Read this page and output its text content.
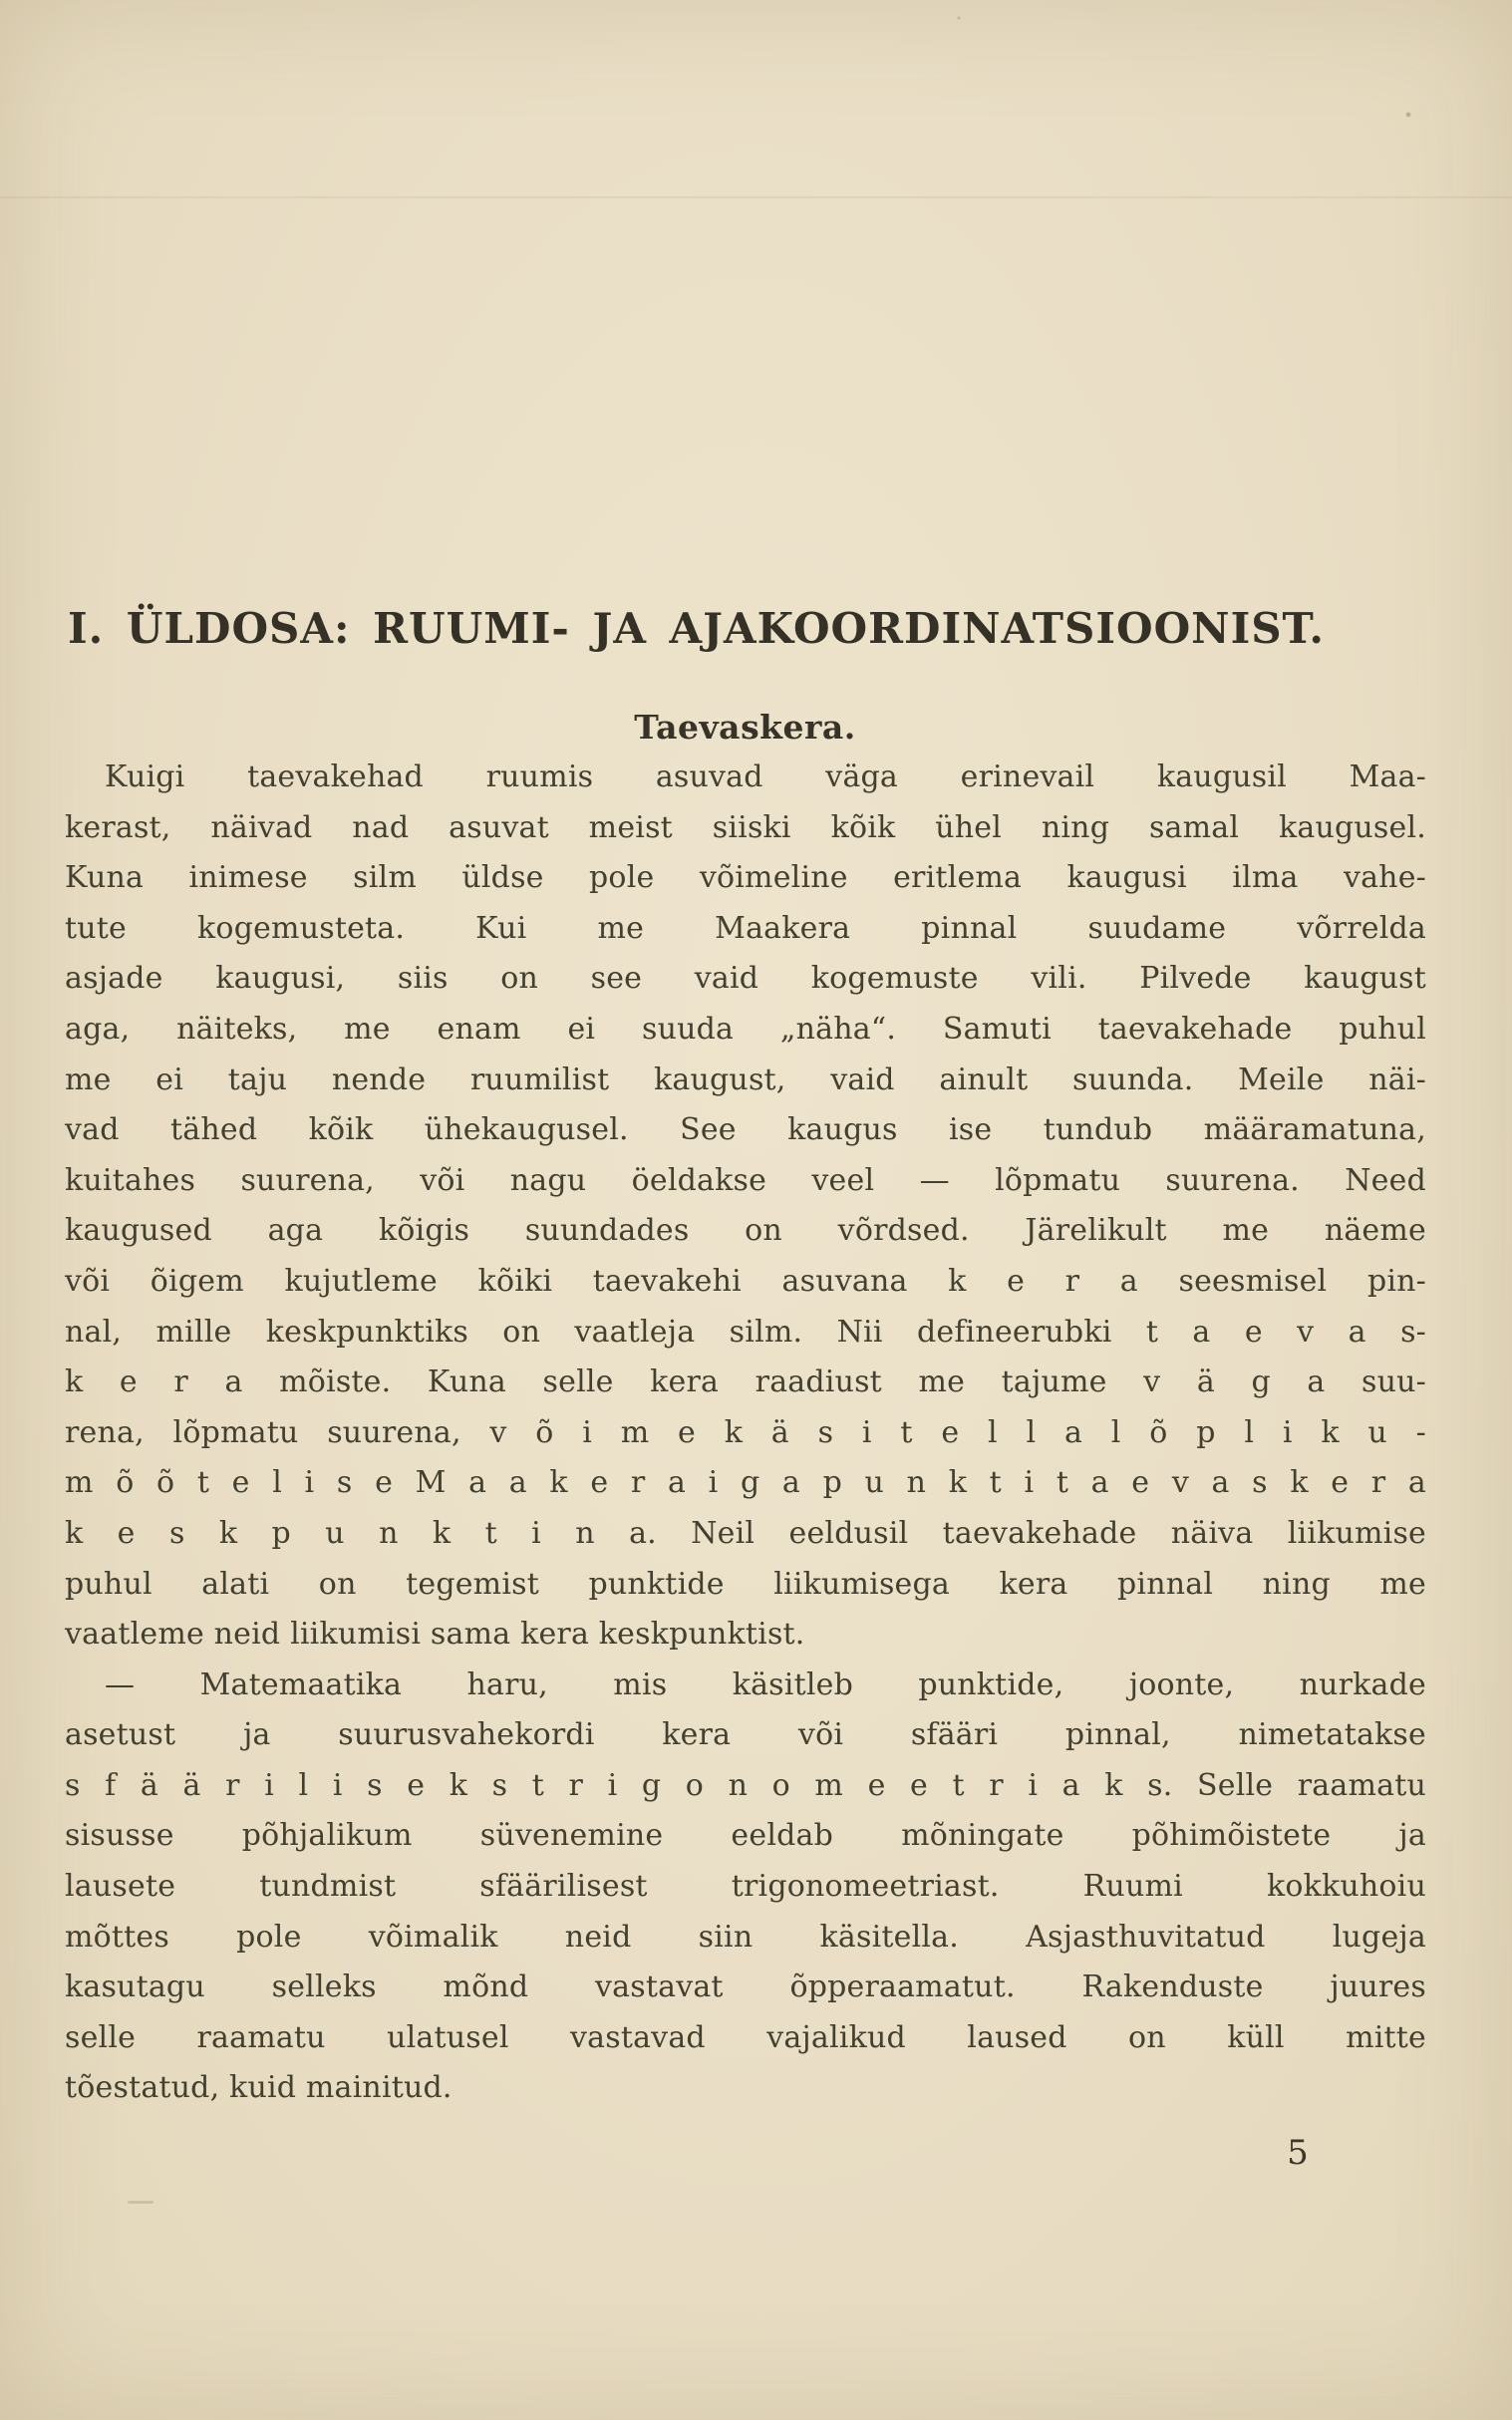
I. ÜLDOSA: RUUMI- JA AJAKOORDINATSIOONIST.
Taevaskera.
Kuigi taevakehad ruumis asuvad väga erinevail kaugusil Maa-
kerast, näivad nad asuvat meist siiski kõik ühel ning samal kaugusel.
Kuna inimese silm üldse pole võimeline eritlema kaugusi ilma vahe-
tute kogemusteta. Kui me Maakera pinnal suudame võrrelda
asjade kaugusi, siis on see vaid kogemuste vili. Pilvede kaugust
aga, näiteks, me enam ei suuda „näha“. Samuti taevakehade puhul
me ei taju nende ruumilist kaugust, vaid ainult suunda. Meile näi-
vad tähed kõik ühekaugusel. See kaugus ise tundub määramatuna,
kuitahes suurena, või nagu öeldakse veel — lõpmatu suurena. Need
kaugused aga kõigis suundades on võrdsed. Järelikult me näeme
või õigem kujutleme kõiki taevakehi asuvana k e r a seesmisel pin-
nal, mille keskpunktiks on vaatleja silm. Nii defineerubki t a e v a s-
k e r a mõiste. Kuna selle kera raadiust me tajume v ä g a suu-
rena, lõpmatu suurena, v õ i m e k ä s i t e l l a l õ p l i k u -
m õ õ t e l i s e M a a k e r a i g a p u n k t i t a e v a s k e r a
k e s k p u n k t i n a. Neil eeldusil taevakehade näiva liikumise
puhul alati on tegemist punktide liikumisega kera pinnal ning me
vaatleme neid liikumisi sama kera keskpunktist.
— Matemaatika haru, mis käsitleb punktide, joonte, nurkade
asetust ja suurusvahekordi kera või sfääri pinnal, nimetatakse
s f ä ä r i l i s e k s t r i g o n o m e e t r i a k s. Selle raamatu
sisusse põhjalikum süvenemine eeldab mõningate põhimõistete ja
lausete tundmist sfäärilisest trigonomeetriast. Ruumi kokkuhoiu
mõttes pole võimalik neid siin käsitella. Asjasthuvitatud lugeja
kasutagu selleks mõnd vastavat õpperaamatut. Rakenduste juures
selle raamatu ulatusel vastavad vajalikud laused on küll mitte
tõestatud, kuid mainitud.
5
